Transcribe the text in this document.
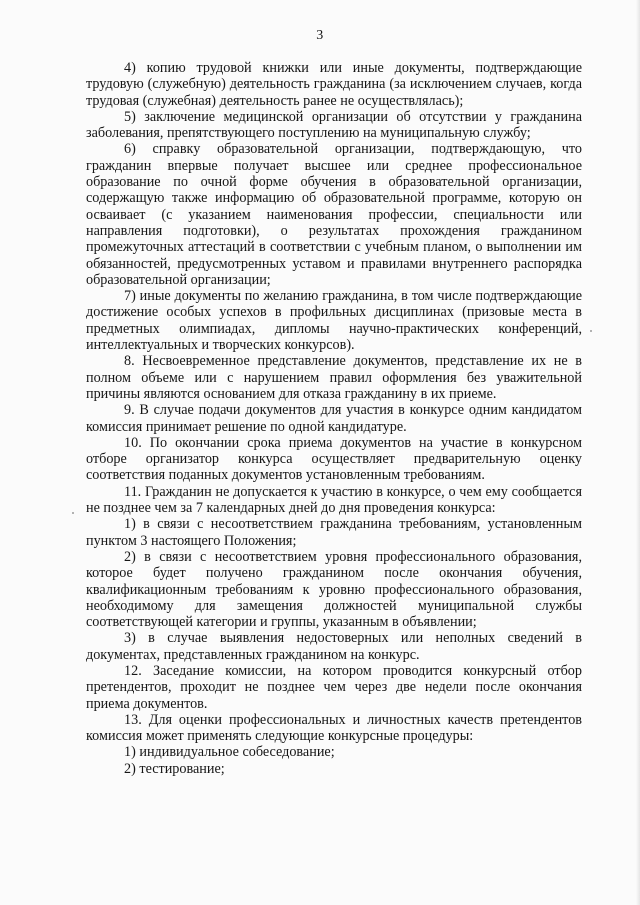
3

4) копию трудовой книжки или иные документы, подтверждающие трудовую (служебную) деятельность гражданина (за исключением случаев, когда трудовая (служебная) деятельность ранее не осуществлялась);

5) заключение медицинской организации об отсутствии у гражданина заболевания, препятствующего поступлению на муниципальную службу;

6) справку образовательной организации, подтверждающую, что гражданин впервые получает высшее или среднее профессиональное образование по очной форме обучения в образовательной организации, содержащую также информацию об образовательной программе, которую он осваивает (с указанием наименования профессии, специальности или направления подготовки), о результатах прохождения гражданином промежуточных аттестаций в соответствии с учебным планом, о выполнении им обязанностей, предусмотренных уставом и правилами внутреннего распорядка образовательной организации;

7) иные документы по желанию гражданина, в том числе подтверждающие достижение особых успехов в профильных дисциплинах (призовые места в предметных олимпиадах, дипломы научно-практических конференций, интеллектуальных и творческих конкурсов).

8. Несвоевременное представление документов, представление их не в полном объеме или с нарушением правил оформления без уважительной причины являются основанием для отказа гражданину в их приеме.

9. В случае подачи документов для участия в конкурсе одним кандидатом комиссия принимает решение по одной кандидатуре.

10. По окончании срока приема документов на участие в конкурсном отборе организатор конкурса осуществляет предварительную оценку соответствия поданных документов установленным требованиям.

11. Гражданин не допускается к участию в конкурсе, о чем ему сообщается не позднее чем за 7 календарных дней до дня проведения конкурса:

1) в связи с несоответствием гражданина требованиям, установленным пунктом 3 настоящего Положения;

2) в связи с несоответствием уровня профессионального образования, которое будет получено гражданином после окончания обучения, квалификационным требованиям к уровню профессионального образования, необходимому для замещения должностей муниципальной службы соответствующей категории и группы, указанным в объявлении;

3) в случае выявления недостоверных или неполных сведений в документах, представленных гражданином на конкурс.

12. Заседание комиссии, на котором проводится конкурсный отбор претендентов, проходит не позднее чем через две недели после окончания приема документов.

13. Для оценки профессиональных и личностных качеств претендентов комиссия может применять следующие конкурсные процедуры:

1) индивидуальное собеседование;

2) тестирование;
